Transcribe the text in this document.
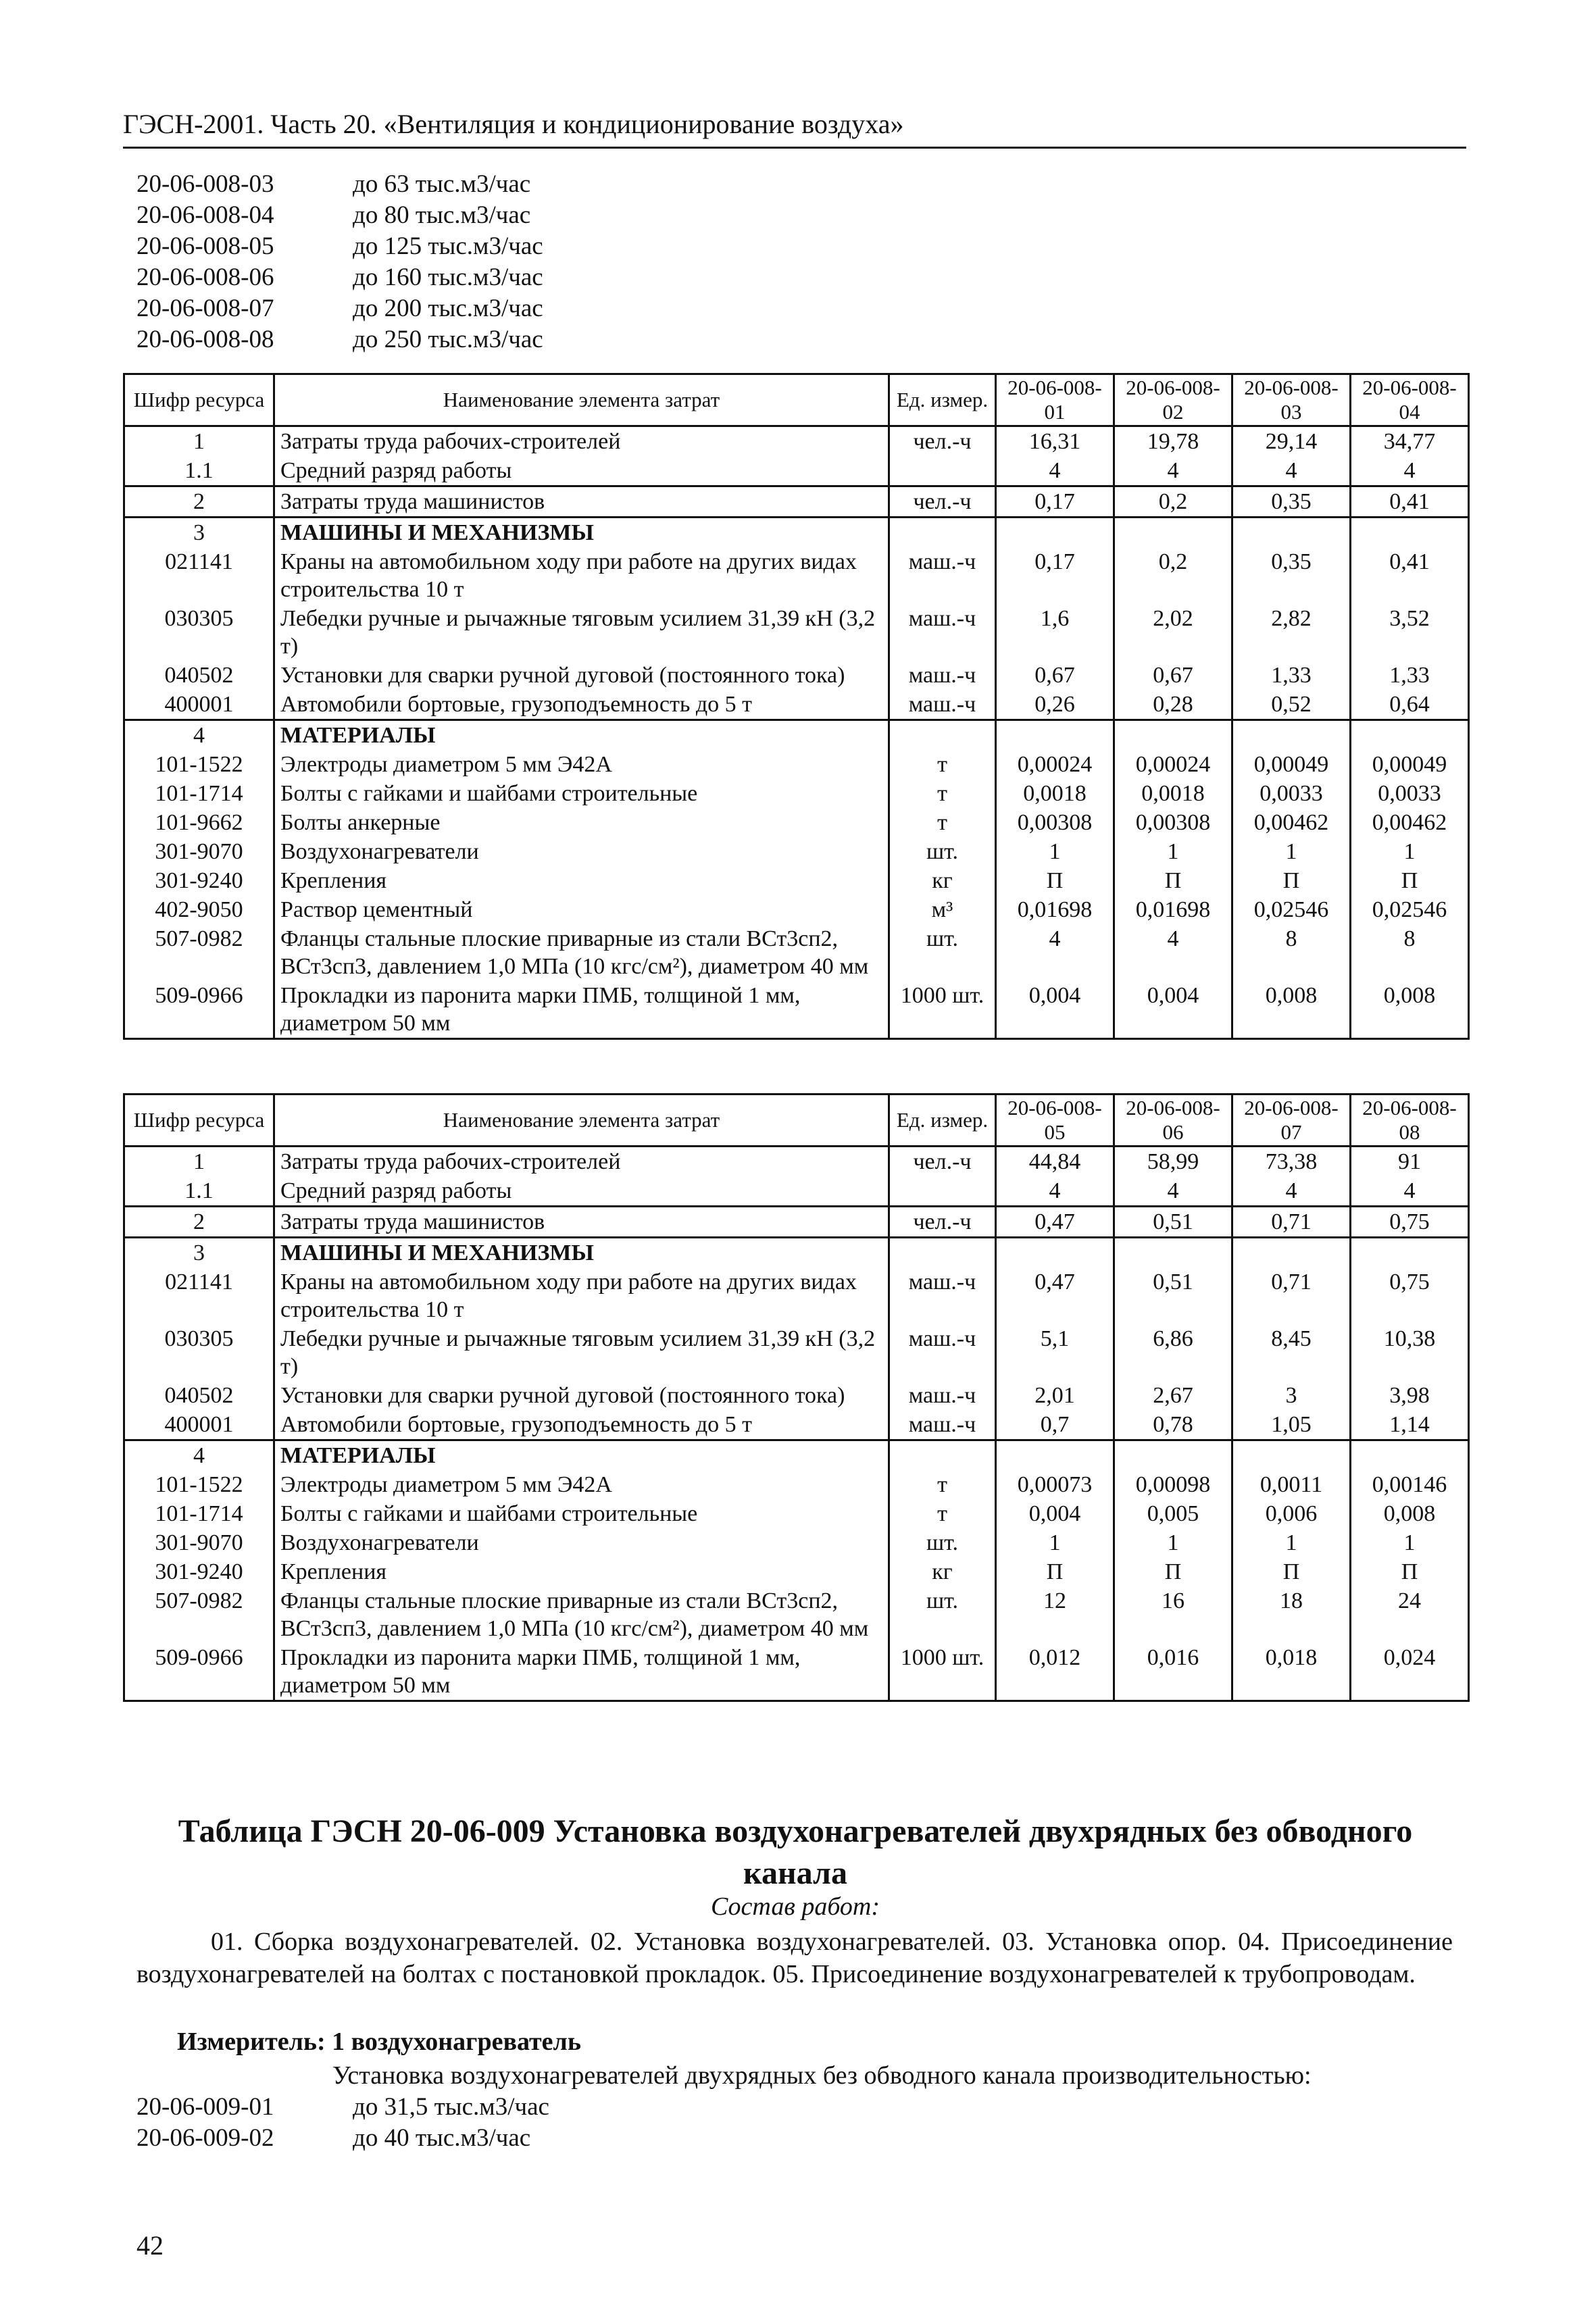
ГЭСН-2001. Часть 20. «Вентиляция и кондиционирование воздуха»
20-06-008-03	до 63 тыс.м3/час
20-06-008-04	до 80 тыс.м3/час
20-06-008-05	до 125 тыс.м3/час
20-06-008-06	до 160 тыс.м3/час
20-06-008-07	до 200 тыс.м3/час
20-06-008-08	до 250 тыс.м3/час
Шифр ресурса	Наименование элемента затрат	Ед. измер.	20-06-008-01	20-06-008-02	20-06-008-03	20-06-008-04
1	Затраты труда рабочих-строителей	чел.-ч	16,31	19,78	29,14	34,77
1.1	Средний разряд работы		4	4	4	4
2	Затраты труда машинистов	чел.-ч	0,17	0,2	0,35	0,41
3	МАШИНЫ И МЕХАНИЗМЫ					
021141	Краны на автомобильном ходу при работе на других видах строительства 10 т	маш.-ч	0,17	0,2	0,35	0,41
030305	Лебедки ручные и рычажные тяговым усилием 31,39 кН (3,2 т)	маш.-ч	1,6	2,02	2,82	3,52
040502	Установки для сварки ручной дуговой (постоянного тока)	маш.-ч	0,67	0,67	1,33	1,33
400001	Автомобили бортовые, грузоподъемность до 5 т	маш.-ч	0,26	0,28	0,52	0,64
4	МАТЕРИАЛЫ					
101-1522	Электроды диаметром 5 мм Э42А	т	0,00024	0,00024	0,00049	0,00049
101-1714	Болты с гайками и шайбами строительные	т	0,0018	0,0018	0,0033	0,0033
101-9662	Болты анкерные	т	0,00308	0,00308	0,00462	0,00462
301-9070	Воздухонагреватели	шт.	1	1	1	1
301-9240	Крепления	кг	П	П	П	П
402-9050	Раствор цементный	м³	0,01698	0,01698	0,02546	0,02546
507-0982	Фланцы стальные плоские приварные из стали ВСт3сп2, ВСт3сп3, давлением 1,0 МПа (10 кгс/см²), диаметром 40 мм	шт.	4	4	8	8
509-0966	Прокладки из паронита марки ПМБ, толщиной 1 мм, диаметром 50 мм	1000 шт.	0,004	0,004	0,008	0,008
Шифр ресурса	Наименование элемента затрат	Ед. измер.	20-06-008-05	20-06-008-06	20-06-008-07	20-06-008-08
1	Затраты труда рабочих-строителей	чел.-ч	44,84	58,99	73,38	91
1.1	Средний разряд работы		4	4	4	4
2	Затраты труда машинистов	чел.-ч	0,47	0,51	0,71	0,75
3	МАШИНЫ И МЕХАНИЗМЫ					
021141	Краны на автомобильном ходу при работе на других видах строительства 10 т	маш.-ч	0,47	0,51	0,71	0,75
030305	Лебедки ручные и рычажные тяговым усилием 31,39 кН (3,2 т)	маш.-ч	5,1	6,86	8,45	10,38
040502	Установки для сварки ручной дуговой (постоянного тока)	маш.-ч	2,01	2,67	3	3,98
400001	Автомобили бортовые, грузоподъемность до 5 т	маш.-ч	0,7	0,78	1,05	1,14
4	МАТЕРИАЛЫ					
101-1522	Электроды диаметром 5 мм Э42А	т	0,00073	0,00098	0,0011	0,00146
101-1714	Болты с гайками и шайбами строительные	т	0,004	0,005	0,006	0,008
301-9070	Воздухонагреватели	шт.	1	1	1	1
301-9240	Крепления	кг	П	П	П	П
507-0982	Фланцы стальные плоские приварные из стали ВСт3сп2, ВСт3сп3, давлением 1,0 МПа (10 кгс/см²), диаметром 40 мм	шт.	12	16	18	24
509-0966	Прокладки из паронита марки ПМБ, толщиной 1 мм, диаметром 50 мм	1000 шт.	0,012	0,016	0,018	0,024
Таблица ГЭСН 20-06-009 Установка воздухонагревателей двухрядных без обводного канала
Состав работ:
01. Сборка воздухонагревателей. 02. Установка воздухонагревателей. 03. Установка опор. 04. Присоединение воздухонагревателей на болтах с постановкой прокладок. 05. Присоединение воздухонагревателей к трубопроводам.
Измеритель: 1 воздухонагреватель
Установка воздухонагревателей двухрядных без обводного канала производительностью:
20-06-009-01	до 31,5 тыс.м3/час
20-06-009-02	до 40 тыс.м3/час
42
